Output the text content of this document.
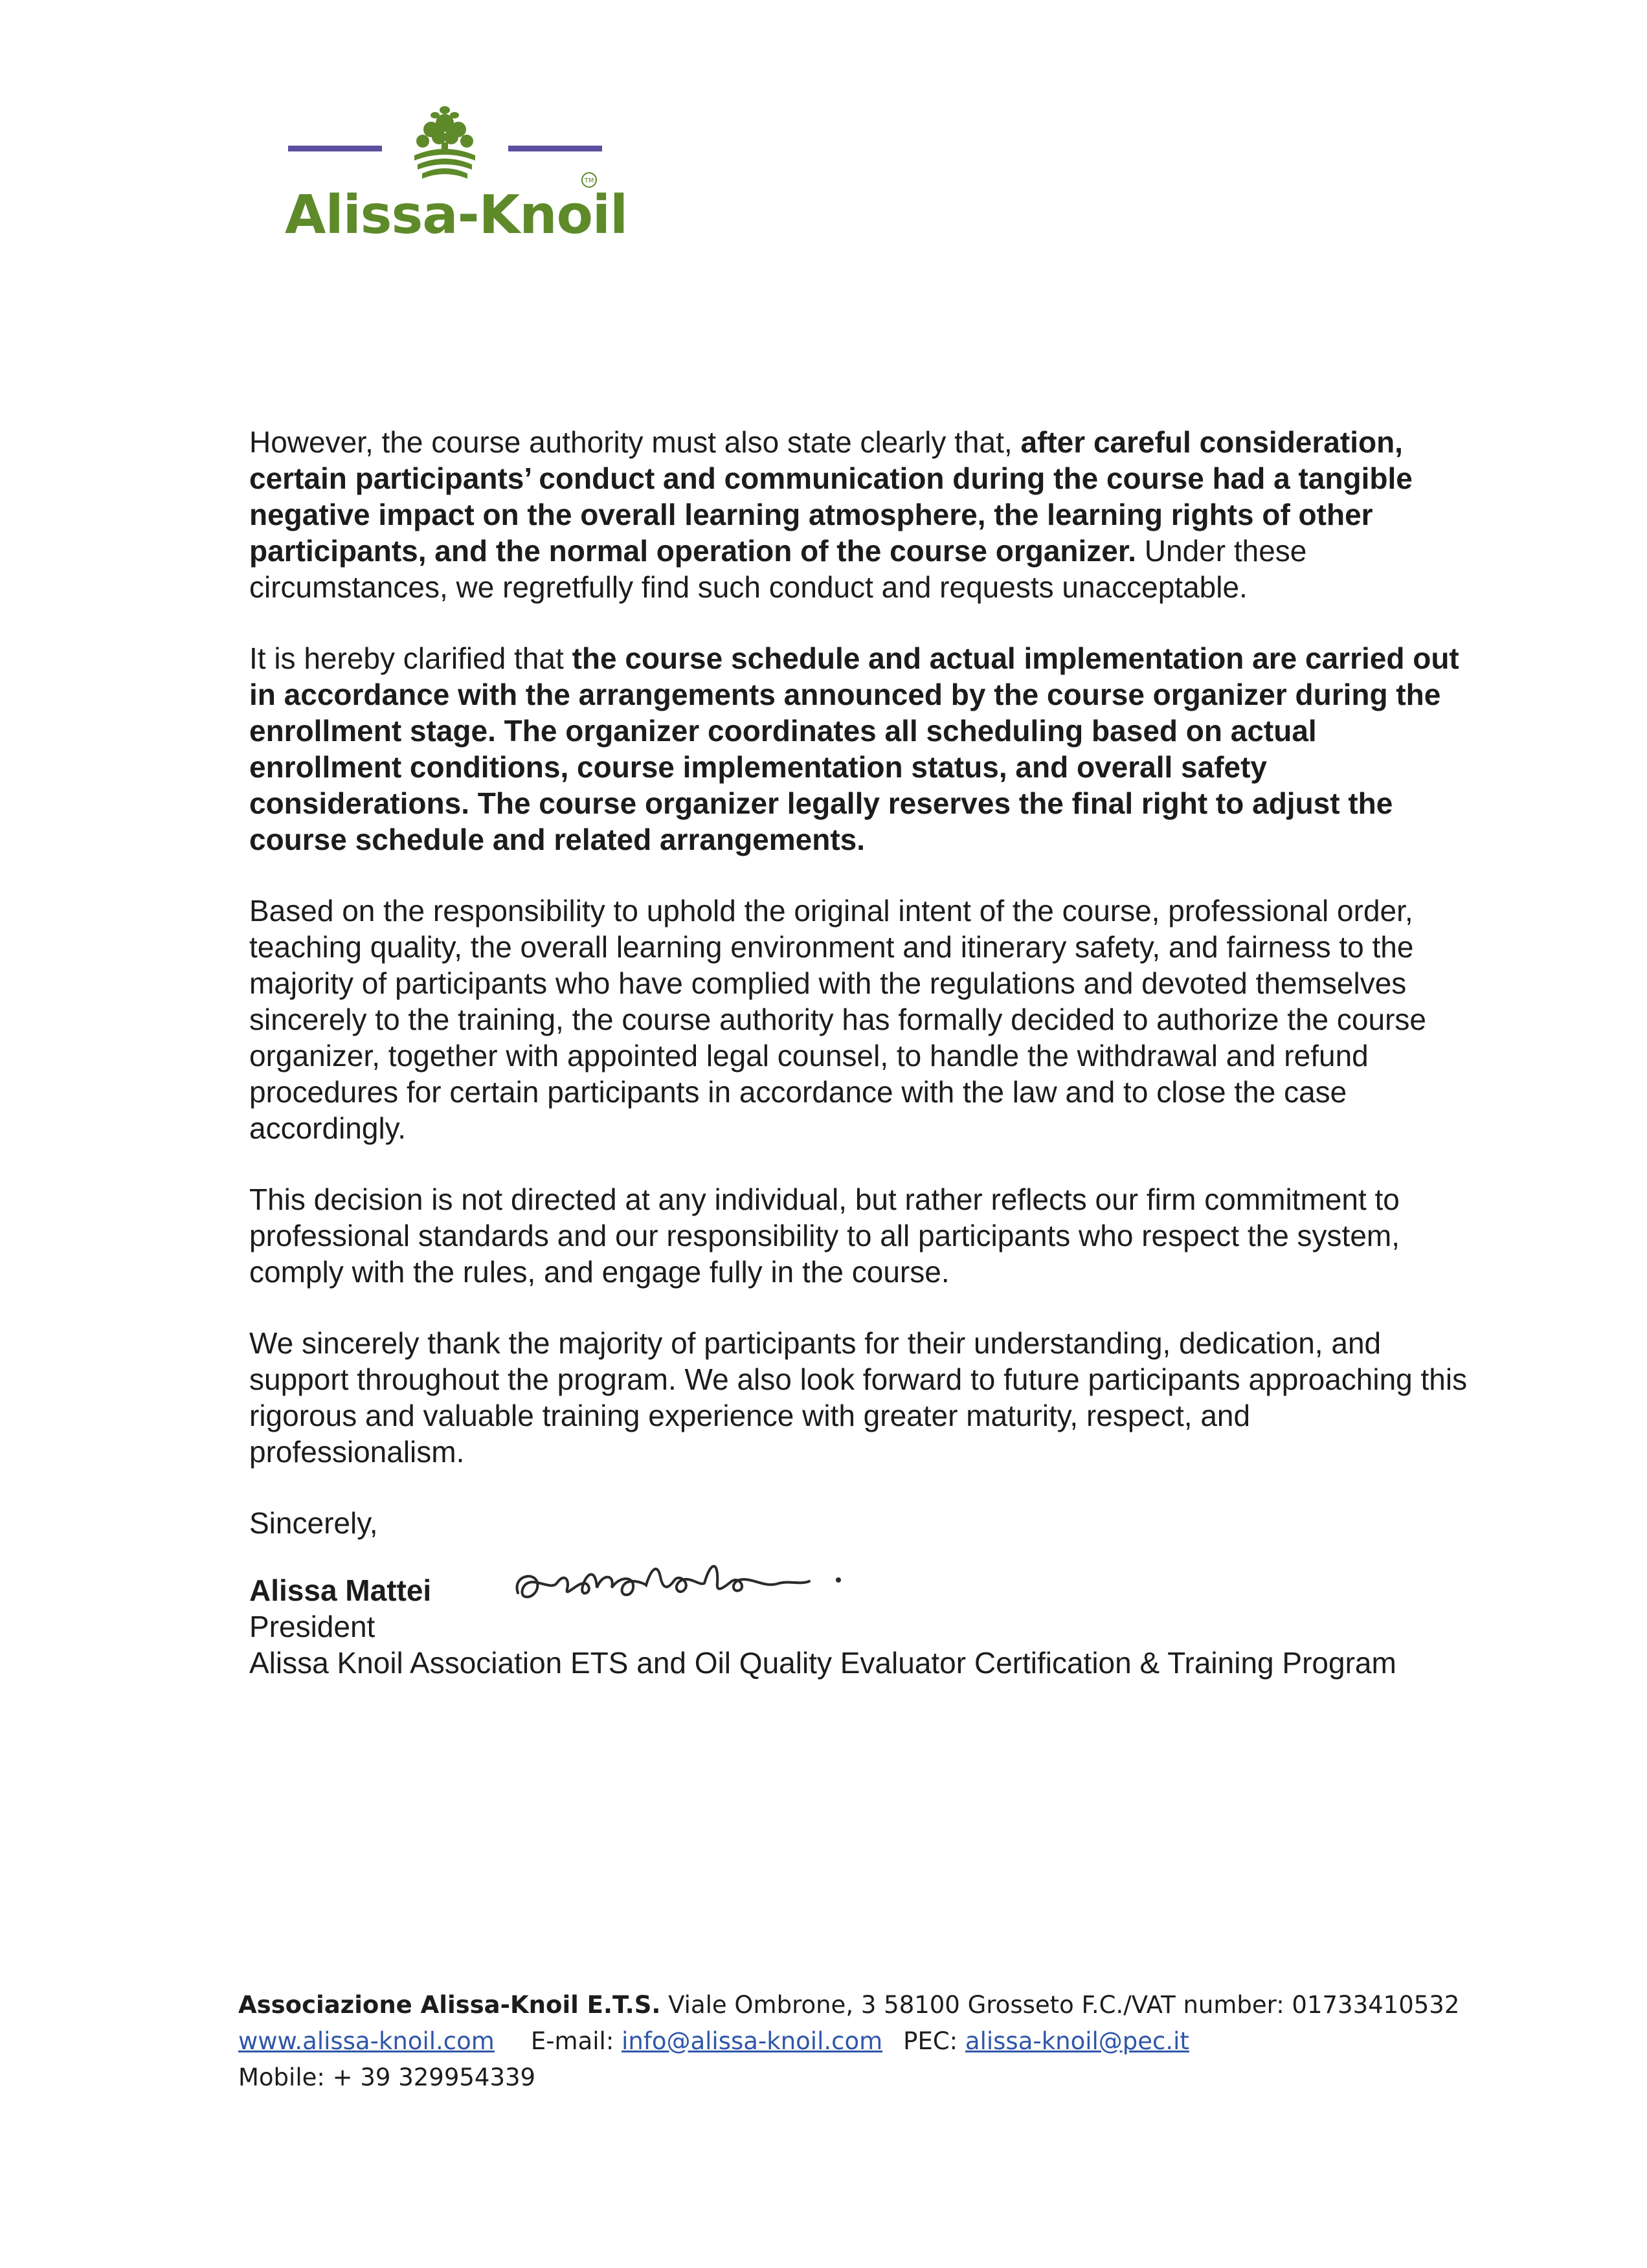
TM
Alissa-Knoil

However, the course authority must also state clearly that, after careful consideration, certain participants’ conduct and communication during the course had a tangible negative impact on the overall learning atmosphere, the learning rights of other participants, and the normal operation of the course organizer. Under these circumstances, we regretfully find such conduct and requests unacceptable.

It is hereby clarified that the course schedule and actual implementation are carried out in accordance with the arrangements announced by the course organizer during the enrollment stage. The organizer coordinates all scheduling based on actual enrollment conditions, course implementation status, and overall safety considerations. The course organizer legally reserves the final right to adjust the course schedule and related arrangements.

Based on the responsibility to uphold the original intent of the course, professional order, teaching quality, the overall learning environment and itinerary safety, and fairness to the majority of participants who have complied with the regulations and devoted themselves sincerely to the training, the course authority has formally decided to authorize the course organizer, together with appointed legal counsel, to handle the withdrawal and refund procedures for certain participants in accordance with the law and to close the case accordingly.

This decision is not directed at any individual, but rather reflects our firm commitment to professional standards and our responsibility to all participants who respect the system, comply with the rules, and engage fully in the course.

We sincerely thank the majority of participants for their understanding, dedication, and support throughout the program. We also look forward to future participants approaching this rigorous and valuable training experience with greater maturity, respect, and professionalism.

Sincerely,
Alissa Mattei
President
Alissa Knoil Association ETS and Oil Quality Evaluator Certification & Training Program
Associazione Alissa-Knoil E.T.S. Viale Ombrone, 3 58100 Grosseto F.C./VAT number: 01733410532
www.alissa-knoil.com E-mail: info@alissa-knoil.com PEC: alissa-knoil@pec.it
Mobile: + 39 329954339
